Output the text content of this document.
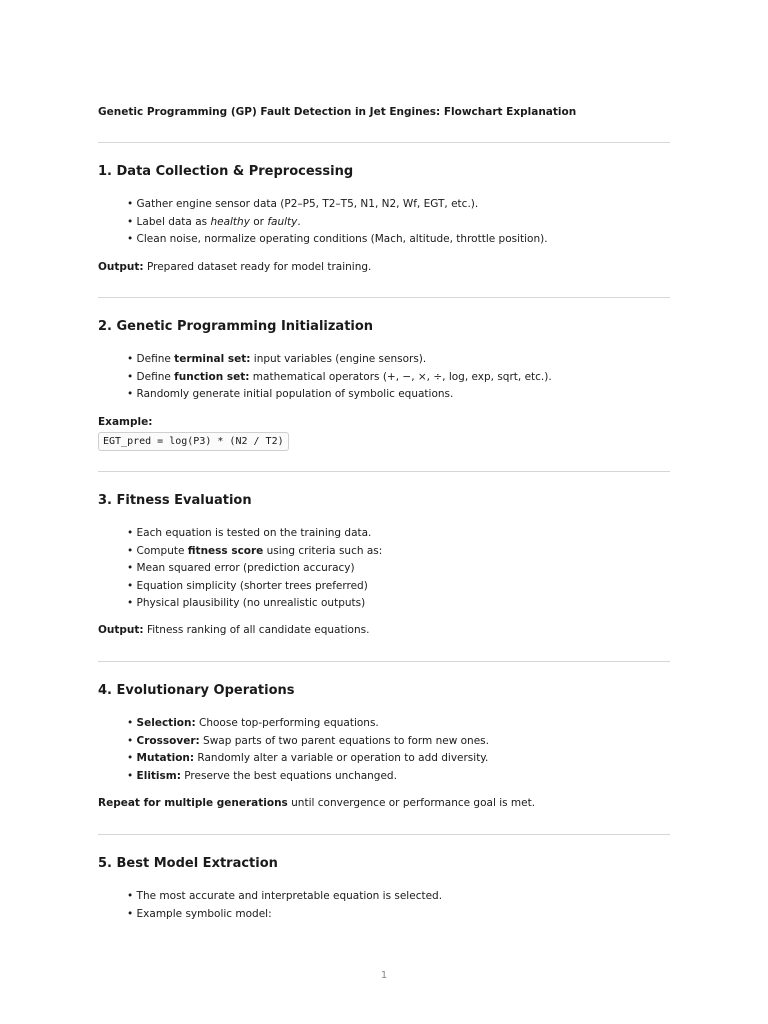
Genetic Programming (GP) Fault Detection in Jet Engines: Flowchart Explanation
1. Data Collection & Preprocessing
• Gather engine sensor data (P2–P5, T2–T5, N1, N2, Wf, EGT, etc.).
• Label data as healthy or faulty.
• Clean noise, normalize operating conditions (Mach, altitude, throttle position).
Output: Prepared dataset ready for model training.
2. Genetic Programming Initialization
• Define terminal set: input variables (engine sensors).
• Define function set: mathematical operators (+, −, ×, ÷, log, exp, sqrt, etc.).
• Randomly generate initial population of symbolic equations.
Example:
EGT_pred = log(P3) * (N2 / T2)
3. Fitness Evaluation
• Each equation is tested on the training data.
• Compute fitness score using criteria such as:
• Mean squared error (prediction accuracy)
• Equation simplicity (shorter trees preferred)
• Physical plausibility (no unrealistic outputs)
Output: Fitness ranking of all candidate equations.
4. Evolutionary Operations
• Selection: Choose top-performing equations.
• Crossover: Swap parts of two parent equations to form new ones.
• Mutation: Randomly alter a variable or operation to add diversity.
• Elitism: Preserve the best equations unchanged.
Repeat for multiple generations until convergence or performance goal is met.
5. Best Model Extraction
• The most accurate and interpretable equation is selected.
• Example symbolic model:
1
